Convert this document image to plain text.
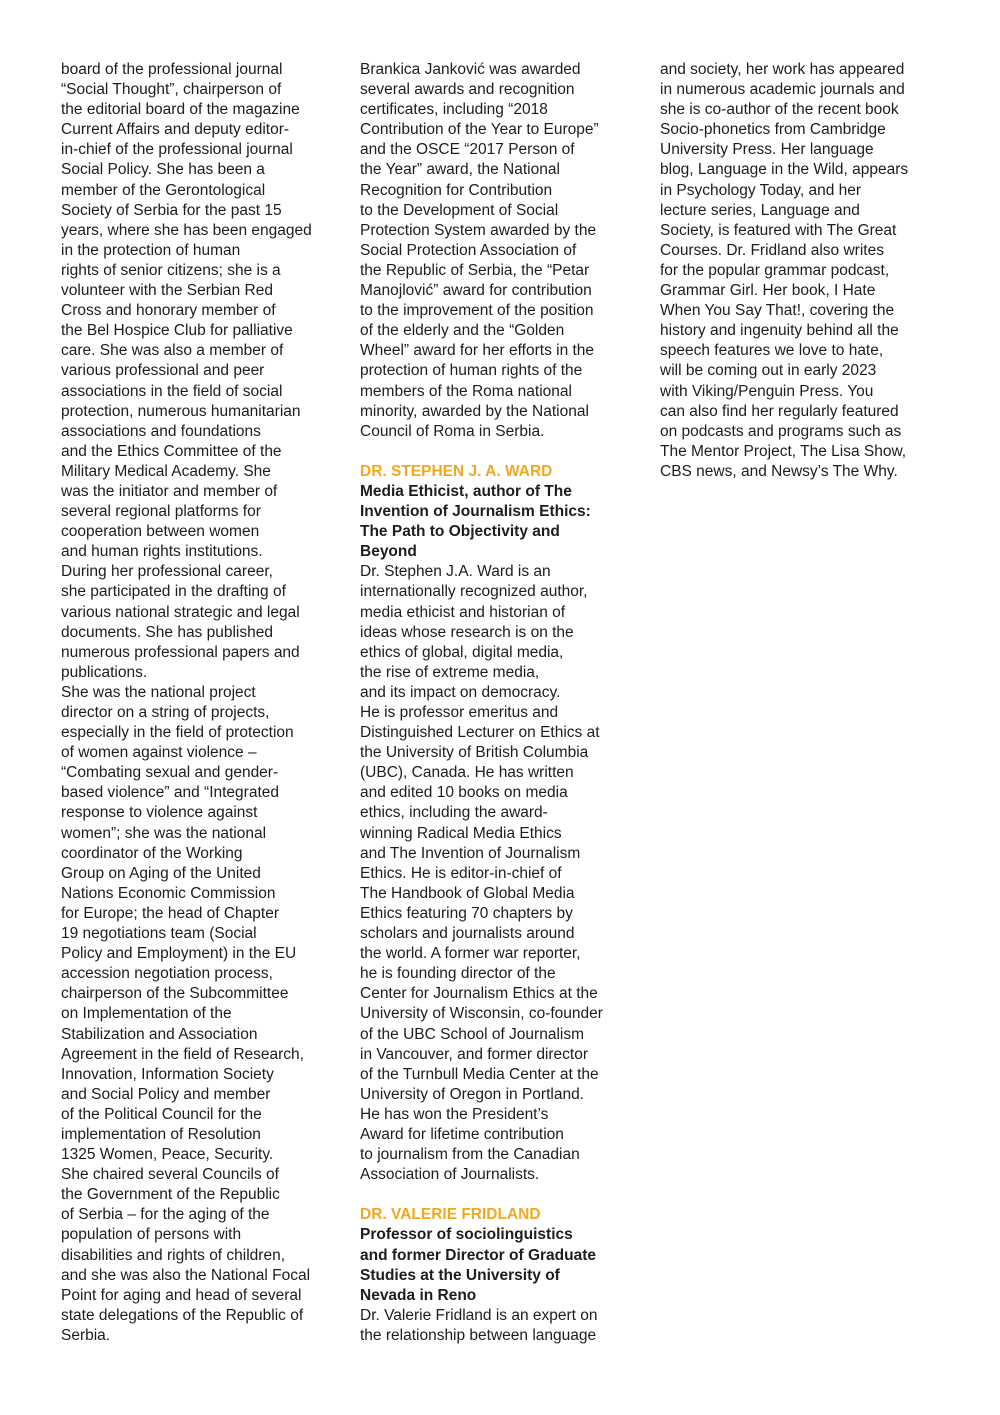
board of the professional journal
“Social Thought”, chairperson of
the editorial board of the magazine
Current Affairs and deputy editor-
in-chief of the professional journal
Social Policy. She has been a
member of the Gerontological
Society of Serbia for the past 15
years, where she has been engaged
in the protection of human
rights of senior citizens; she is a
volunteer with the Serbian Red
Cross and honorary member of
the Bel Hospice Club for palliative
care. She was also a member of
various professional and peer
associations in the field of social
protection, numerous humanitarian
associations and foundations
and the Ethics Committee of the
Military Medical Academy. She
was the initiator and member of
several regional platforms for
cooperation between women
and human rights institutions.
During her professional career,
she participated in the drafting of
various national strategic and legal
documents. She has published
numerous professional papers and
publications.
She was the national project
director on a string of projects,
especially in the field of protection
of women against violence –
“Combating sexual and gender-
based violence” and “Integrated
response to violence against
women”; she was the national
coordinator of the Working
Group on Aging of the United
Nations Economic Commission
for Europe; the head of Chapter
19 negotiations team (Social
Policy and Employment) in the EU
accession negotiation process,
chairperson of the Subcommittee
on Implementation of the
Stabilization and Association
Agreement in the field of Research,
Innovation, Information Society
and Social Policy and member
of the Political Council for the
implementation of Resolution
1325 Women, Peace, Security.
She chaired several Councils of
the Government of the Republic
of Serbia – for the aging of the
population of persons with
disabilities and rights of children,
and she was also the National Focal
Point for aging and head of several
state delegations of the Republic of
Serbia.
Brankica Janković was awarded
several awards and recognition
certificates, including “2018
Contribution of the Year to Europe”
and the OSCE “2017 Person of
the Year” award, the National
Recognition for Contribution
to the Development of Social
Protection System awarded by the
Social Protection Association of
the Republic of Serbia, the “Petar
Manojlović” award for contribution
to the improvement of the position
of the elderly and the “Golden
Wheel” award for her efforts in the
protection of human rights of the
members of the Roma national
minority, awarded by the National
Council of Roma in Serbia.
DR. STEPHEN J. A. WARD
Media Ethicist, author of The
Invention of Journalism Ethics:
The Path to Objectivity and
Beyond
Dr. Stephen J.A. Ward is an
internationally recognized author,
media ethicist and historian of
ideas whose research is on the
ethics of global, digital media,
the rise of extreme media,
and its impact on democracy.
He is professor emeritus and
Distinguished Lecturer on Ethics at
the University of British Columbia
(UBC), Canada. He has written
and edited 10 books on media
ethics, including the award-
winning Radical Media Ethics
and The Invention of Journalism
Ethics. He is editor-in-chief of
The Handbook of Global Media
Ethics featuring 70 chapters by
scholars and journalists around
the world. A former war reporter,
he is founding director of the
Center for Journalism Ethics at the
University of Wisconsin, co-founder
of the UBC School of Journalism
in Vancouver, and former director
of the Turnbull Media Center at the
University of Oregon in Portland.
He has won the President’s
Award for lifetime contribution
to journalism from the Canadian
Association of Journalists.
DR. VALERIE FRIDLAND
Professor of sociolinguistics
and former Director of Graduate
Studies at the University of
Nevada in Reno
Dr. Valerie Fridland is an expert on
the relationship between language
and society, her work has appeared
in numerous academic journals and
she is co-author of the recent book
Socio-phonetics from Cambridge
University Press. Her language
blog, Language in the Wild, appears
in Psychology Today, and her
lecture series, Language and
Society, is featured with The Great
Courses. Dr. Fridland also writes
for the popular grammar podcast,
Grammar Girl. Her book, I Hate
When You Say That!, covering the
history and ingenuity behind all the
speech features we love to hate,
will be coming out in early 2023
with Viking/Penguin Press. You
can also find her regularly featured
on podcasts and programs such as
The Mentor Project, The Lisa Show,
CBS news, and Newsy’s The Why.
